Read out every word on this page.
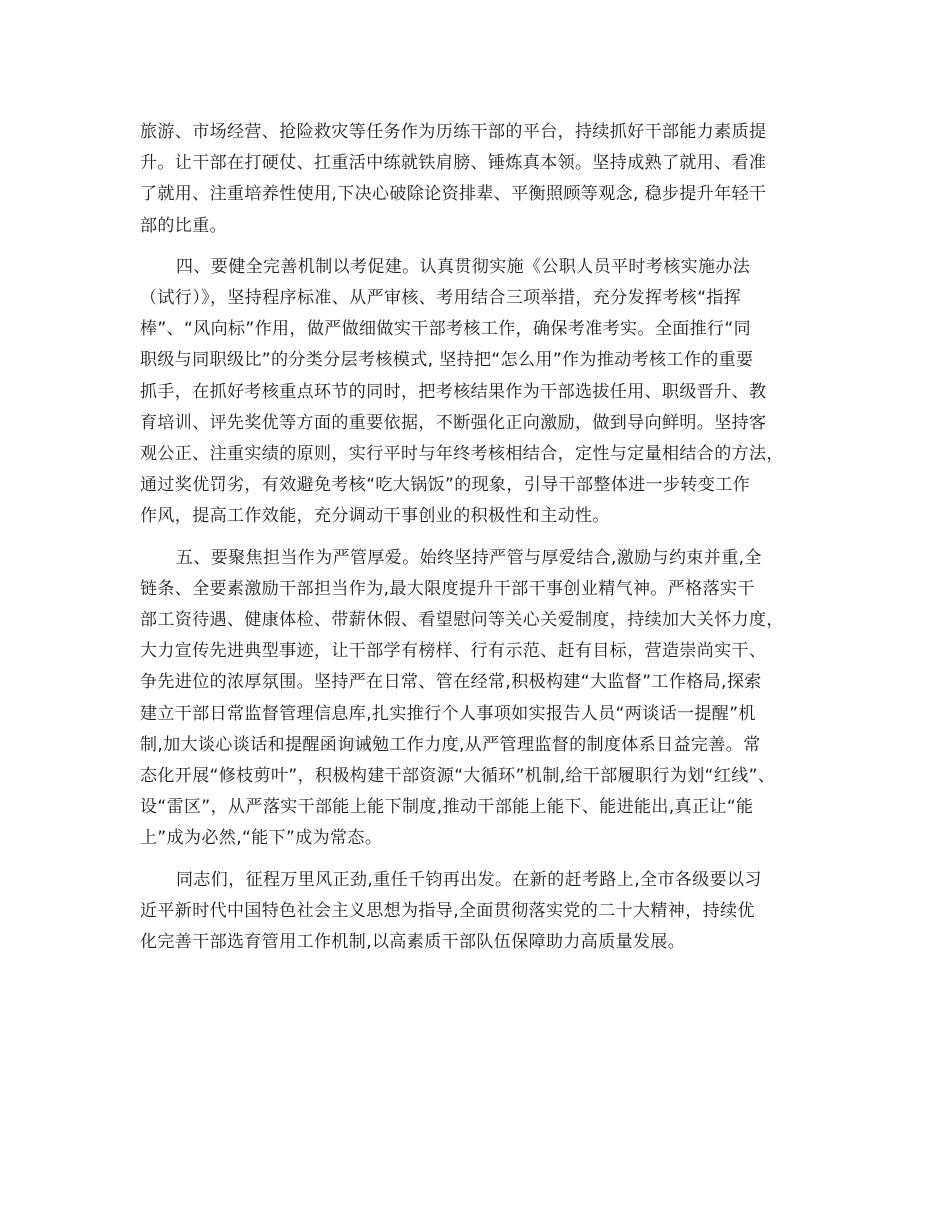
旅游、市场经营、抢险救灾等任务作为历练干部的平台，持续抓好干部能力素质提
升。让干部在打硬仗、扛重活中练就铁肩膀、锤炼真本领。坚持成熟了就用、看准
了就用、注重培养性使用,下决心破除论资排辈、平衡照顾等观念, 稳步提升年轻干
部的比重。

四、要健全完善机制以考促建。认真贯彻实施《公职人员平时考核实施办法
（试行）》，坚持程序标准、从严审核、考用结合三项举措，充分发挥考核“指挥
棒”、“风向标”作用，做严做细做实干部考核工作，确保考准考实。全面推行“同
职级与同职级比”的分类分层考核模式, 坚持把“怎么用”作为推动考核工作的重要
抓手，在抓好考核重点环节的同时，把考核结果作为干部选拔任用、职级晋升、教
育培训、评先奖优等方面的重要依据，不断强化正向激励，做到导向鲜明。坚持客
观公正、注重实绩的原则，实行平时与年终考核相结合，定性与定量相结合的方法，
通过奖优罚劣，有效避免考核“吃大锅饭”的现象，引导干部整体进一步转变工作
作风，提高工作效能，充分调动干事创业的积极性和主动性。

五、要聚焦担当作为严管厚爱。始终坚持严管与厚爱结合,激励与约束并重,全
链条、全要素激励干部担当作为,最大限度提升干部干事创业精气神。严格落实干
部工资待遇、健康体检、带薪休假、看望慰问等关心关爱制度，持续加大关怀力度，
大力宣传先进典型事迹，让干部学有榜样、行有示范、赶有目标，营造崇尚实干、
争先进位的浓厚氛围。坚持严在日常、管在经常,积极构建“大监督”工作格局,探索
建立干部日常监督管理信息库,扎实推行个人事项如实报告人员“两谈话一提醒”机
制,加大谈心谈话和提醒函询诫勉工作力度,从严管理监督的制度体系日益完善。常
态化开展“修枝剪叶”，积极构建干部资源“大循环”机制,给干部履职行为划“红线”、
设“雷区”，从严落实干部能上能下制度,推动干部能上能下、能进能出,真正让“能
上”成为必然,“能下”成为常态。

同志们，征程万里风正劲,重任千钧再出发。在新的赶考路上,全市各级要以习
近平新时代中国特色社会主义思想为指导,全面贯彻落实党的二十大精神，持续优
化完善干部选育管用工作机制,以高素质干部队伍保障助力高质量发展。
